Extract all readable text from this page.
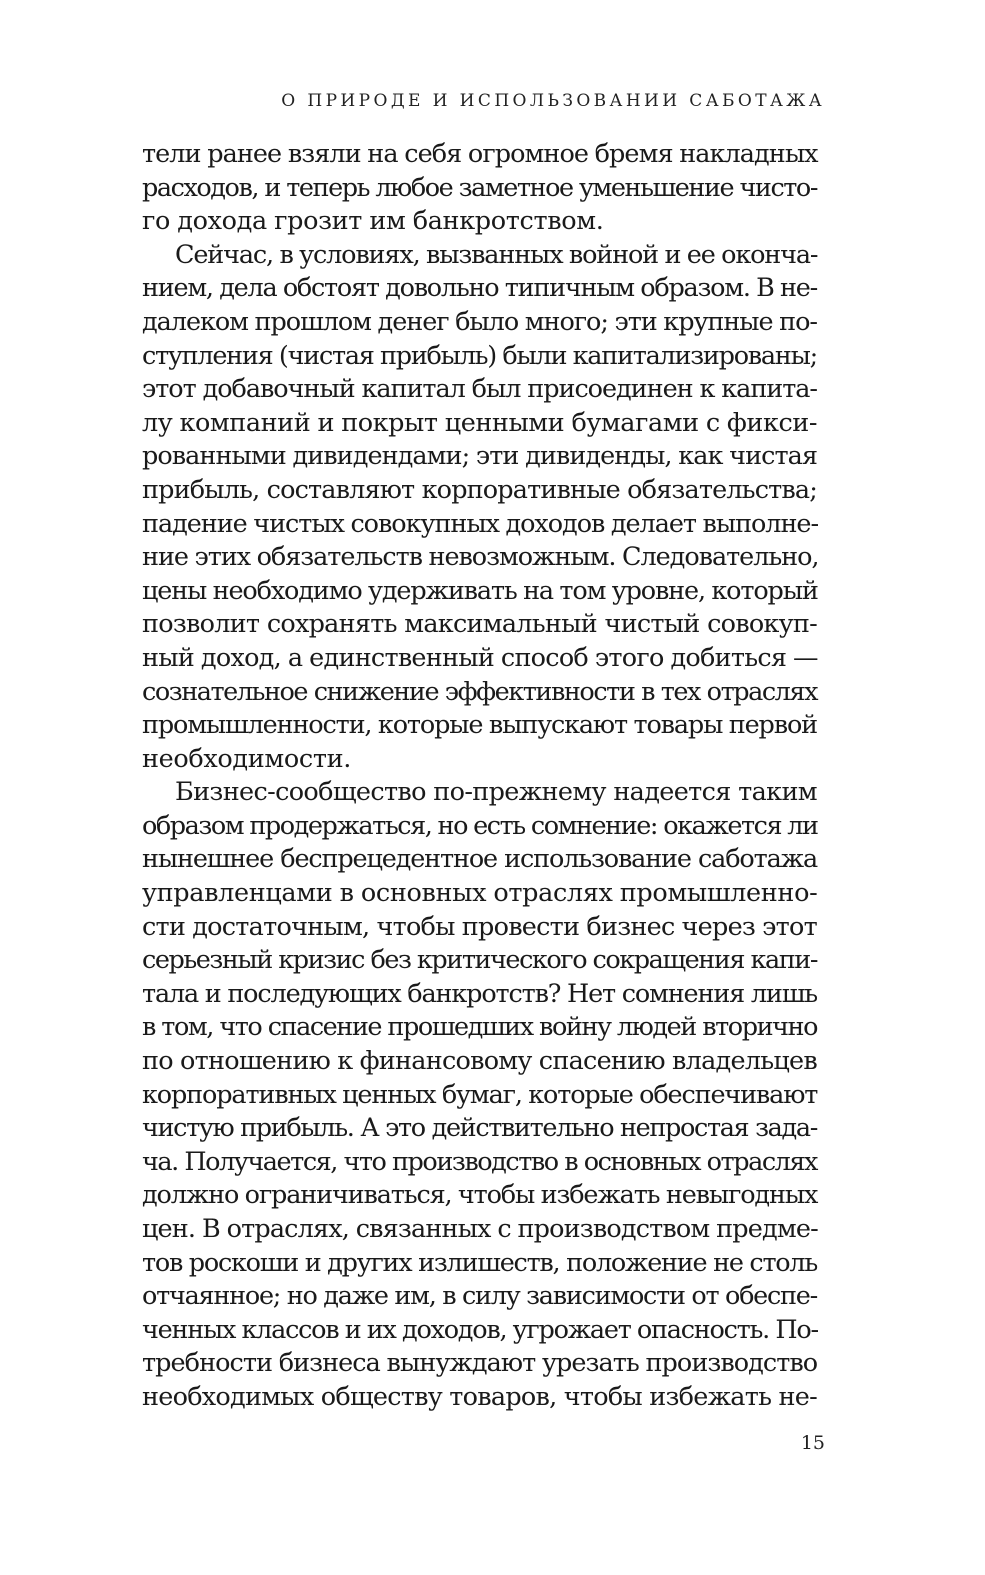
О ПРИРОДЕ И ИСПОЛЬЗОВАНИИ САБОТАЖА
тели ранее взяли на себя огромное бремя накладных
расходов, и теперь любое заметное уменьшение чисто-
го дохода грозит им банкротством.
Сейчас, в условиях, вызванных войной и ее оконча-
нием, дела обстоят довольно типичным образом. В не-
далеком прошлом денег было много; эти крупные по-
ступления (чистая прибыль) были капитализированы;
этот добавочный капитал был присоединен к капита-
лу компаний и покрыт ценными бумагами с фикси-
рованными дивидендами; эти дивиденды, как чистая
прибыль, составляют корпоративные обязательства;
падение чистых совокупных доходов делает выполне-
ние этих обязательств невозможным. Следовательно,
цены необходимо удерживать на том уровне, который
позволит сохранять максимальный чистый совокуп-
ный доход, а единственный способ этого добиться —
сознательное снижение эффективности в тех отраслях
промышленности, которые выпускают товары первой
необходимости.
Бизнес-сообщество по-прежнему надеется таким
образом продержаться, но есть сомнение: окажется ли
нынешнее беспрецедентное использование саботажа
управленцами в основных отраслях промышленно-
сти достаточным, чтобы провести бизнес через этот
серьезный кризис без критического сокращения капи-
тала и последующих банкротств? Нет сомнения лишь
в том, что спасение прошедших войну людей вторично
по отношению к финансовому спасению владельцев
корпоративных ценных бумаг, которые обеспечивают
чистую прибыль. А это действительно непростая зада-
ча. Получается, что производство в основных отраслях
должно ограничиваться, чтобы избежать невыгодных
цен. В отраслях, связанных с производством предме-
тов роскоши и других излишеств, положение не столь
отчаянное; но даже им, в силу зависимости от обеспе-
ченных классов и их доходов, угрожает опасность. По-
требности бизнеса вынуждают урезать производство
необходимых обществу товаров, чтобы избежать не-
15
